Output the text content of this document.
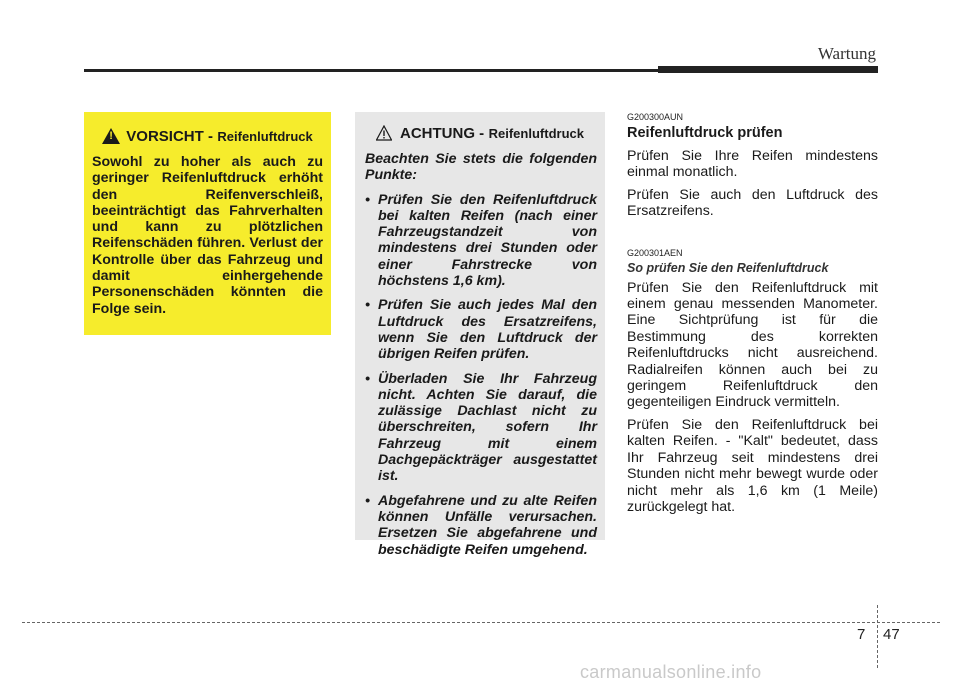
Wartung
!
VORSICHT -
Reifenluftdruck
Sowohl zu hoher als auch zu geringer Reifenluftdruck erhöht den Reifenverschleiß, beeinträchtigt das Fahrverhalten und kann zu plötzlichen Reifenschäden führen. Verlust der Kontrolle über das Fahrzeug und damit einhergehende Personenschäden könnten die Folge sein.
ACHTUNG -
Reifenluftdruck
Beachten Sie stets die folgenden Punkte:
• Prüfen Sie den Reifenluftdruck bei kalten Reifen (nach einer Fahrzeugstandzeit von mindestens drei Stunden oder einer Fahrstrecke von höchstens 1,6 km).
• Prüfen Sie auch jedes Mal den Luftdruck des Ersatzreifens, wenn Sie den Luftdruck der übrigen Reifen prüfen.
• Überladen Sie Ihr Fahrzeug nicht. Achten Sie darauf, die zulässige Dachlast nicht zu überschreiten, sofern Ihr Fahrzeug mit einem Dachgepäckträger ausgestattet ist.
• Abgefahrene und zu alte Reifen können Unfälle verursachen. Ersetzen Sie abgefahrene und beschädigte Reifen umgehend.
G200300AUN
Reifenluftdruck prüfen

Prüfen Sie Ihre Reifen mindestens einmal monatlich.

Prüfen Sie auch den Luftdruck des Ersatzreifens.

G200301AEN
So prüfen Sie den Reifenluftdruck

Prüfen Sie den Reifenluftdruck mit einem genau messenden Manometer. Eine Sichtprüfung ist für die Bestimmung des korrekten Reifenluftdrucks nicht ausreichend. Radialreifen können auch bei zu geringem Reifenluftdruck den gegenteiligen Eindruck vermitteln.

Prüfen Sie den Reifenluftdruck bei kalten Reifen. - "Kalt" bedeutet, dass Ihr Fahrzeug seit mindestens drei Stunden nicht mehr bewegt wurde oder nicht mehr als 1,6 km (1 Meile) zurückgelegt hat.

7 47
carmanualsonline.info
